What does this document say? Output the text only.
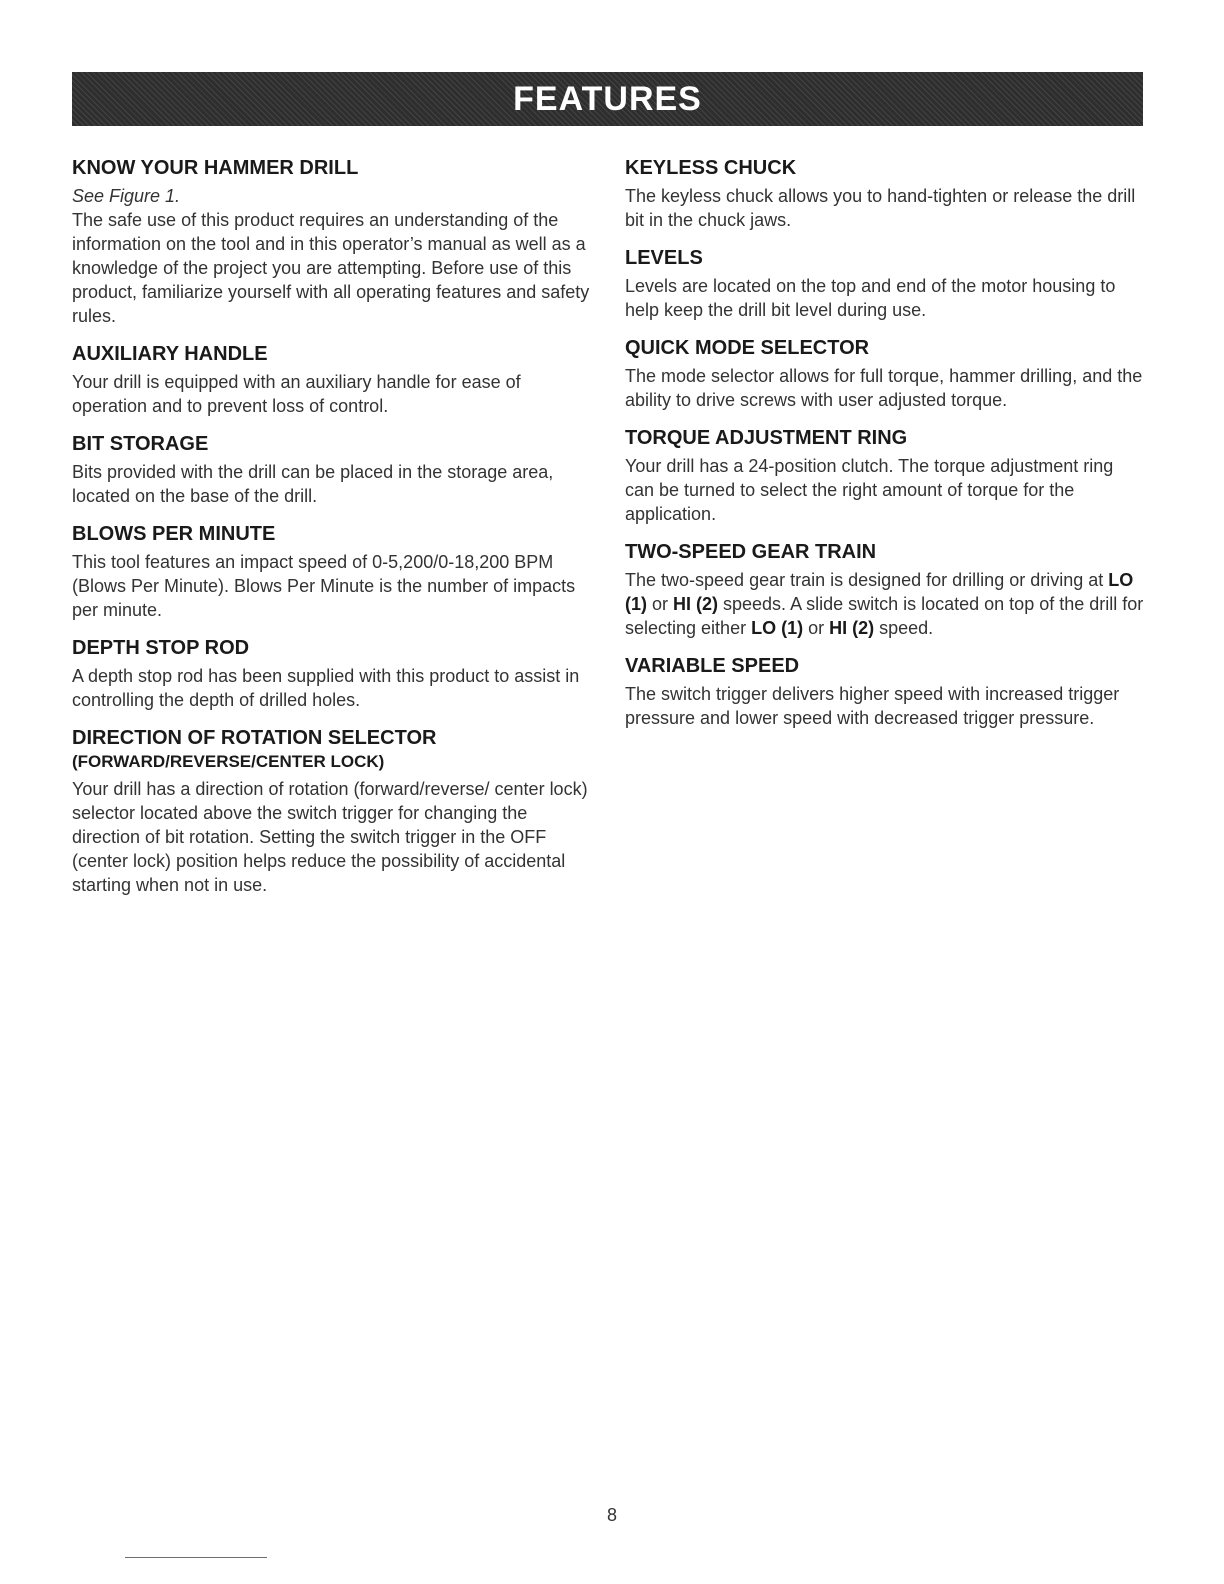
FEATURES
KNOW YOUR HAMMER DRILL
See Figure 1.

The safe use of this product requires an understanding of the information on the tool and in this operator’s manual as well as a knowledge of the project you are attempting. Before use of this product, familiarize yourself with all operating features and safety rules.

AUXILIARY HANDLE

Your drill is equipped with an auxiliary handle for ease of operation and to prevent loss of control.

BIT STORAGE

Bits provided with the drill can be placed in the storage area, located on the base of the drill.

BLOWS PER MINUTE

This tool features an impact speed of 0-5,200/0-18,200 BPM (Blows Per Minute). Blows Per Minute is the number of impacts per minute.

DEPTH STOP ROD

A depth stop rod has been supplied with this product to assist in controlling the depth of drilled holes.

DIRECTION OF ROTATION SELECTOR
(FORWARD/REVERSE/CENTER LOCK)

Your drill has a direction of rotation (forward/reverse/ center lock) selector located above the switch trigger for changing the direction of bit rotation. Setting the switch trigger in the OFF (center lock) position helps reduce the possibility of accidental starting when not in use.

KEYLESS CHUCK

The keyless chuck allows you to hand-tighten or release the drill bit in the chuck jaws.

LEVELS

Levels are located on the top and end of the motor housing to help keep the drill bit level during use.

QUICK MODE SELECTOR

The mode selector allows for full torque, hammer drilling, and the ability to drive screws with user adjusted torque.

TORQUE ADJUSTMENT RING

Your drill has a 24-position clutch. The torque adjustment ring can be turned to select the right amount of torque for the application.

TWO-SPEED GEAR TRAIN

The two-speed gear train is designed for drilling or driving at LO (1) or HI (2) speeds. A slide switch is located on top of the drill for selecting either LO (1) or HI (2) speed.

VARIABLE SPEED

The switch trigger delivers higher speed with increased trigger pressure and lower speed with decreased trigger pressure.

8
